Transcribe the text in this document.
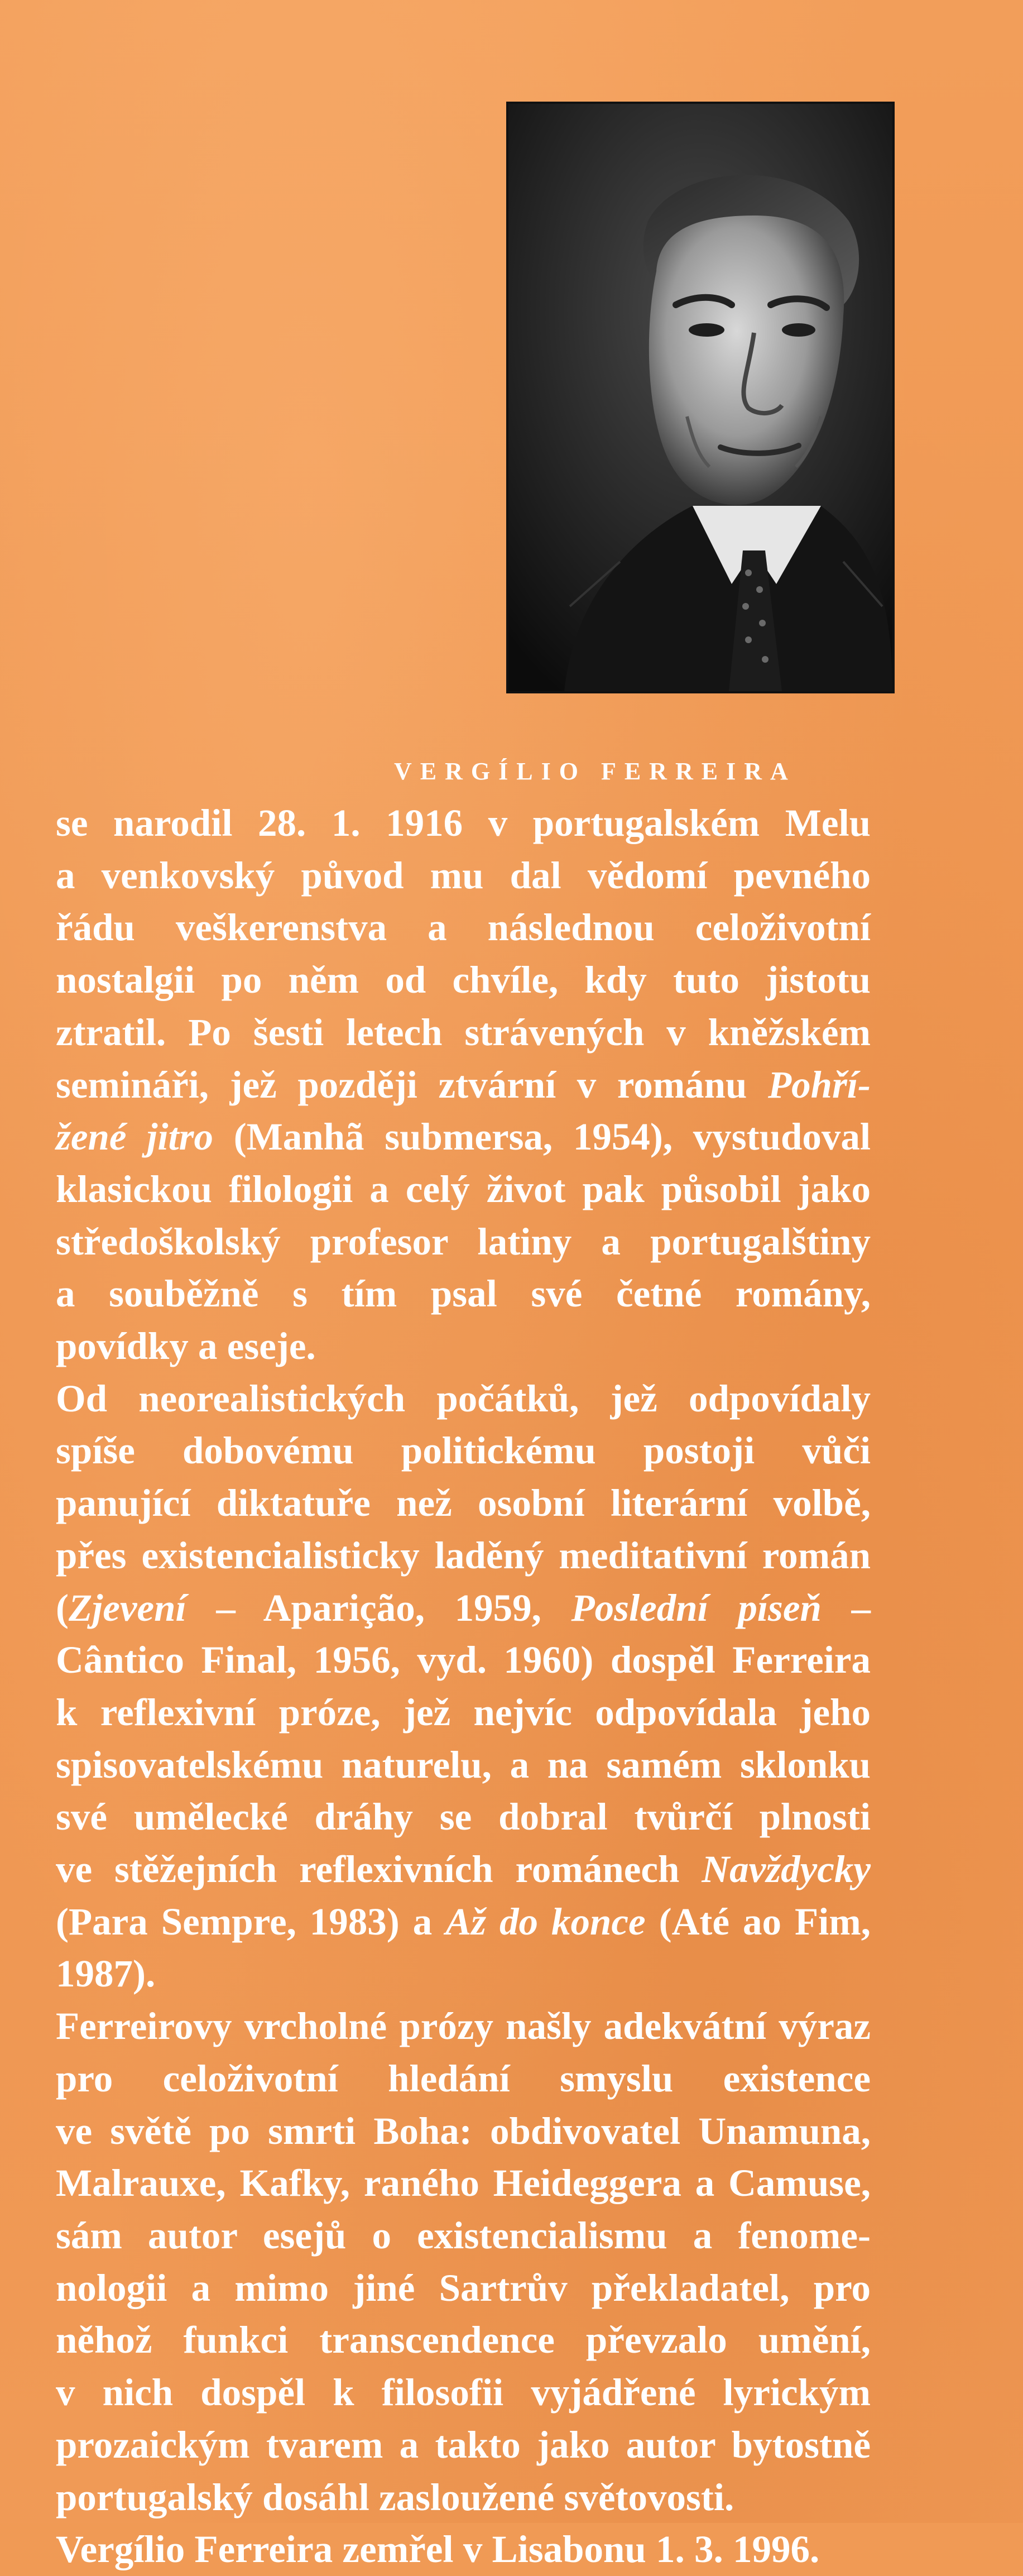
VERGÍLIO FERREIRA

se narodil 28. 1. 1916 v portugalském Melu
a venkovský původ mu dal vědomí pevného
řádu veškerenstva a následnou celoživotní
nostalgii po něm od chvíle, kdy tuto jistotu
ztratil. Po šesti letech strávených v kněžském
semináři, jež později ztvární v románu Pohří-
žené jitro (Manhã submersa, 1954), vystudoval
klasickou filologii a celý život pak působil jako
středoškolský profesor latiny a portugalštiny
a souběžně s tím psal své četné romány,
povídky a eseje.

Od neorealistických počátků, jež odpovídaly
spíše dobovému politickému postoji vůči
panující diktatuře než osobní literární volbě,
přes existencialisticky laděný meditativní román
(Zjevení – Aparição, 1959, Poslední píseň –
Cântico Final, 1956, vyd. 1960) dospěl Ferreira
k reflexivní próze, jež nejvíc odpovídala jeho
spisovatelskému naturelu, a na samém sklonku
své umělecké dráhy se dobral tvůrčí plnosti
ve stěžejních reflexivních románech Navždycky
(Para Sempre, 1983) a Až do konce (Até ao Fim,
1987).

Ferreirovy vrcholné prózy našly adekvátní výraz
pro celoživotní hledání smyslu existence
ve světě po smrti Boha: obdivovatel Unamuna,
Malrauxe, Kafky, raného Heideggera a Camuse,
sám autor esejů o existencialismu a fenome-
nologii a mimo jiné Sartrův překladatel, pro
něhož funkci transcendence převzalo umění,
v nich dospěl k filosofii vyjádřené lyrickým
prozaickým tvarem a takto jako autor bytostně
portugalský dosáhl zasloužené světovosti.

Vergílio Ferreira zemřel v Lisabonu 1. 3. 1996.
